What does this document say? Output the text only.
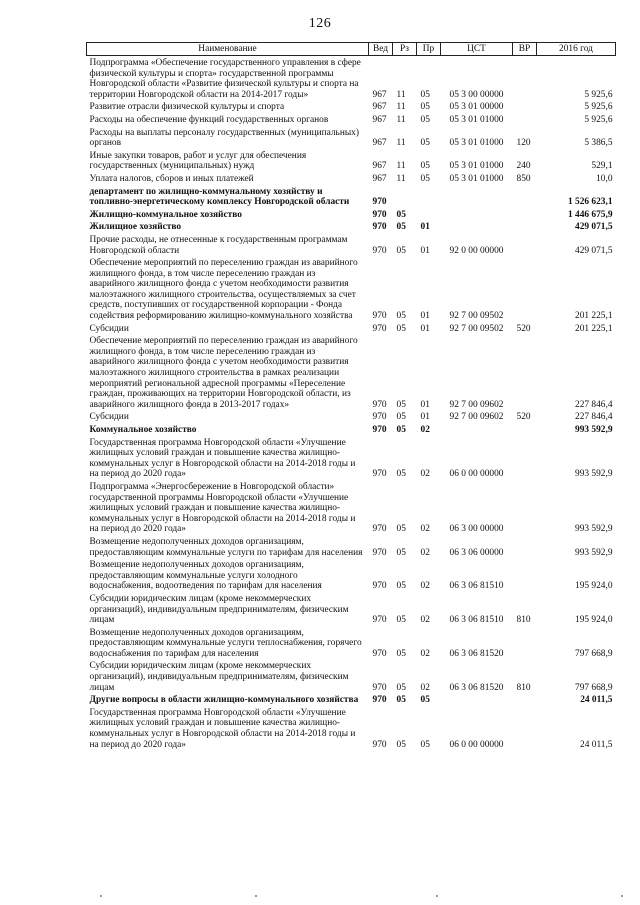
126
Наименование	Вед	Рз	Пр	ЦСТ	ВР	2016 год
Подпрограмма «Обеспечение государственного управления в сфере физической культуры и спорта» государственной программы Новгородской области «Развитие физической культуры и спорта на территории Новгородской области на 2014-2017 годы»	967	11	05	05 3 00 00000		5 925,6
Развитие отрасли физической культуры и спорта	967	11	05	05 3 01 00000		5 925,6
Расходы на обеспечение функций государственных органов	967	11	05	05 3 01 01000		5 925,6
Расходы на выплаты персоналу государственных (муниципальных) органов	967	11	05	05 3 01 01000	120	5 386,5
Иные закупки товаров, работ и услуг для обеспечения государственных (муниципальных) нужд	967	11	05	05 3 01 01000	240	529,1
Уплата налогов, сборов и иных платежей	967	11	05	05 3 01 01000	850	10,0
департамент по жилищно-коммунальному хозяйству и топливно-энергетическому комплексу Новгородской области	970					1 526 623,1
Жилищно-коммунальное хозяйство	970	05				1 446 675,9
Жилищное хозяйство	970	05	01			429 071,5
Прочие расходы, не отнесенные к государственным программам Новгородской области	970	05	01	92 0 00 00000		429 071,5
Обеспечение мероприятий по переселению граждан из аварийного жилищного фонда, в том числе переселению граждан из аварийного жилищного фонда с учетом необходимости развития малоэтажного жилищного строительства, осуществляемых за счет средств, поступивших от государственной корпорации - Фонда содействия реформированию жилищно-коммунального хозяйства	970	05	01	92 7 00 09502		201 225,1
Субсидии	970	05	01	92 7 00 09502	520	201 225,1
Обеспечение мероприятий по переселению граждан из аварийного жилищного фонда, в том числе переселению граждан из аварийного жилищного фонда с учетом необходимости развития малоэтажного жилищного строительства в рамках реализации мероприятий региональной адресной программы «Переселение граждан, проживающих на территории Новгородской области, из аварийного жилищного фонда в 2013-2017 годах»	970	05	01	92 7 00 09602		227 846,4
Субсидии	970	05	01	92 7 00 09602	520	227 846,4
Коммунальное хозяйство	970	05	02			993 592,9
Государственная программа Новгородской области «Улучшение жилищных условий граждан и повышение качества жилищно-коммунальных услуг в Новгородской области на 2014-2018 годы и на период до 2020 года»	970	05	02	06 0 00 00000		993 592,9
Подпрограмма «Энергосбережение в Новгородской области» государственной программы Новгородской области «Улучшение жилищных условий граждан и повышение качества жилищно-коммунальных услуг в Новгородской области на 2014-2018 годы и на период до 2020 года»	970	05	02	06 3 00 00000		993 592,9
Возмещение недополученных доходов организациям, предоставляющим коммунальные услуги по тарифам для населения	970	05	02	06 3 06 00000		993 592,9
Возмещение недополученных доходов организациям, предоставляющим коммунальные услуги холодного водоснабжения, водоотведения по тарифам для населения	970	05	02	06 3 06 81510		195 924,0
Субсидии юридическим лицам (кроме некоммерческих организаций), индивидуальным предпринимателям, физическим лицам	970	05	02	06 3 06 81510	810	195 924,0
Возмещение недополученных доходов организациям, предоставляющим коммунальные услуги теплоснабжения, горячего водоснабжения по тарифам для населения	970	05	02	06 3 06 81520		797 668,9
Субсидии юридическим лицам (кроме некоммерческих организаций), индивидуальным предпринимателям, физическим лицам	970	05	02	06 3 06 81520	810	797 668,9
Другие вопросы в области жилищно-коммунального хозяйства	970	05	05			24 011,5
Государственная программа Новгородской области «Улучшение жилищных условий граждан и повышение качества жилищно-коммунальных услуг в Новгородской области на 2014-2018 годы и на период до 2020 года»	970	05	05	06 0 00 00000		24 011,5
